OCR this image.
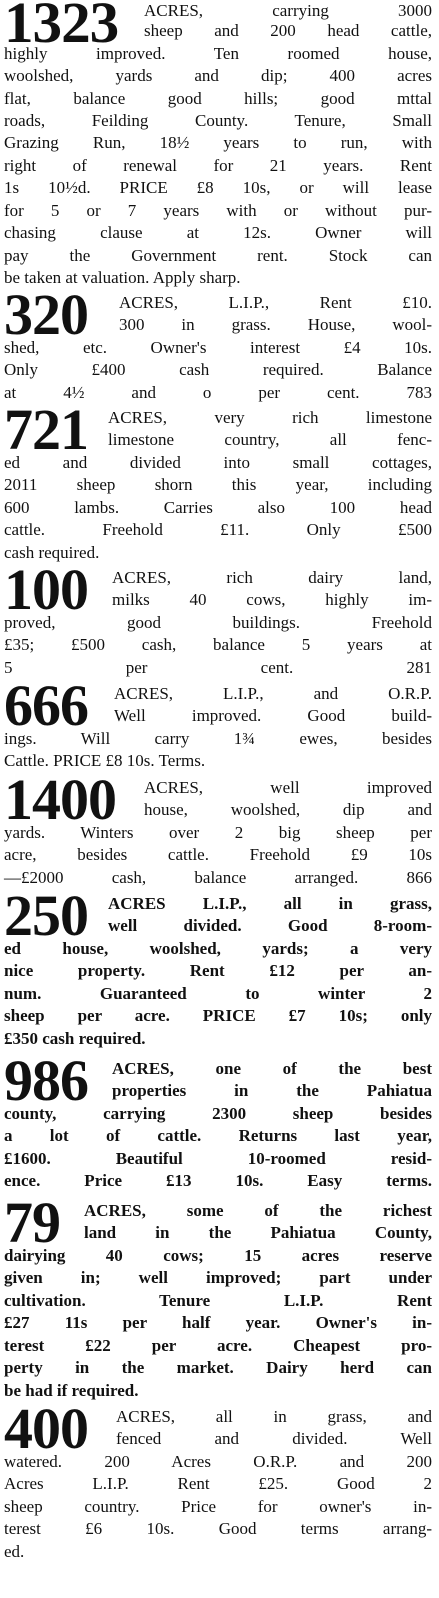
1323 ACRES, carrying 3000
sheep and 200 head cattle,
highly improved. Ten roomed house,
woolshed, yards and dip; 400 acres
flat, balance good hills; good mttal
roads, Feilding County. Tenure, Small
Grazing Run, 18½ years to run, with
right of renewal for 21 years. Rent
1s 10½d. PRICE £8 10s, or will lease
for 5 or 7 years with or without pur-
chasing clause at 12s. Owner will
pay the Government rent. Stock can
be taken at valuation. Apply sharp.
320 ACRES, L.I.P., Rent £10.
300 in grass. House, wool-
shed, etc. Owner's interest £4 10s.
Only £400 cash required. Balance
at 4½ and o per cent. 783
721 ACRES, very rich limestone
limestone country, all fenc-
ed and divided into small cottages,
2011 sheep shorn this year, including
600 lambs. Carries also 100 head
cattle. Freehold £11. Only £500
cash required.
100 ACRES, rich dairy land,
milks 40 cows, highly im-
proved, good buildings. Freehold
£35; £500 cash, balance 5 years at
5 per cent. 281
666 ACRES, L.I.P., and O.R.P.
Well improved. Good build-
ings. Will carry 1¾ ewes, besides
Cattle. PRICE £8 10s. Terms.
1400 ACRES, well improved
house, woolshed, dip and
yards. Winters over 2 big sheep per
acre, besides cattle. Freehold £9 10s
—£2000 cash, balance arranged. 866
250 ACRES L.I.P., all in grass,
well divided. Good 8-room-
ed house, woolshed, yards; a very
nice property. Rent £12 per an-
num. Guaranteed to winter 2
sheep per acre. PRICE £7 10s; only
£350 cash required.
986 ACRES, one of the best
properties in the Pahiatua
county, carrying 2300 sheep besides
a lot of cattle. Returns last year,
£1600. Beautiful 10-roomed resid-
ence. Price £13 10s. Easy terms.
79 ACRES, some of the richest
land in the Pahiatua County,
dairying 40 cows; 15 acres reserve
given in; well improved; part under
cultivation. Tenure L.I.P. Rent
£27 11s per half year. Owner's in-
terest £22 per acre. Cheapest pro-
perty in the market. Dairy herd can
be had if required.
400 ACRES, all in grass, and
fenced and divided. Well
watered. 200 Acres O.R.P. and 200
Acres L.I.P. Rent £25. Good 2
sheep country. Price for owner's in-
terest £6 10s. Good terms arrang-
ed.
